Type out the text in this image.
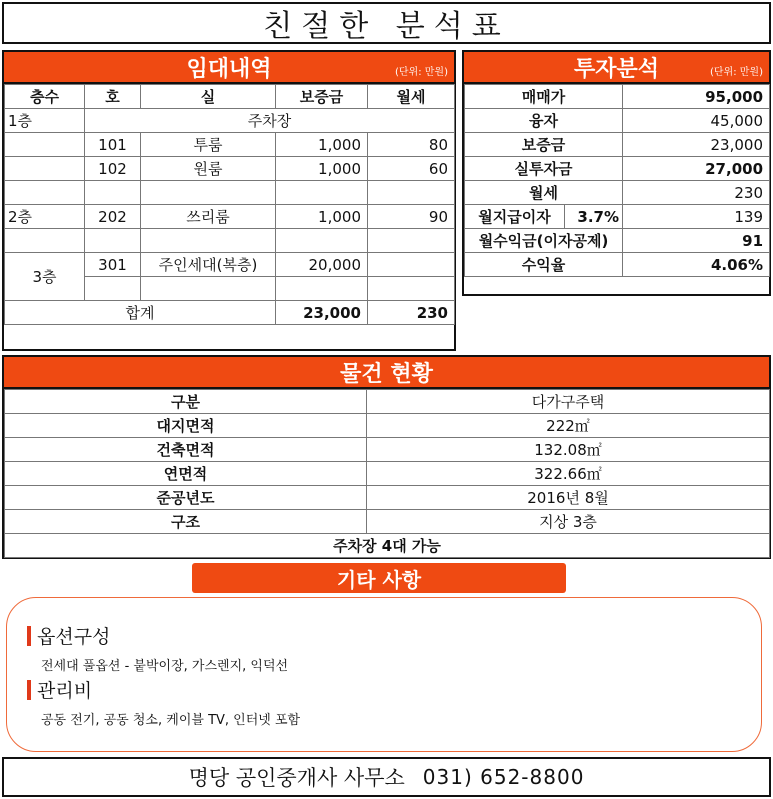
친절한 분석표
임대내역	(단위: 만원)
층수	호	실	보증금	월세
1층	주차장			
	101	투룸	1,000	80
	102	원룸	1,000	60

2층	202	쓰리룸	1,000	90

3층	301	주인세대(복층)	20,000	

합계			23,000	230
투자분석	(단위: 만원)
매매가		95,000
융자		45,000
보증금		23,000
실투자금		27,000
월세		230
월지급이자	3.7%	139
월수익금(이자공제)		91
수익율		4.06%
물건 현황
구분	다가구주택
대지면적	222㎡
건축면적	132.08㎡
연면적	322.66㎡
준공년도	2016년 8월
구조	지상 3층
주차장 4대 가능	
기타 사항
옵션구성
전세대 풀옵션 - 붙박이장, 가스렌지, 익덕선
관리비
공동 전기, 공동 청소, 케이블 TV, 인터넷 포함
명당 공인중개사 사무소 031) 652-8800
